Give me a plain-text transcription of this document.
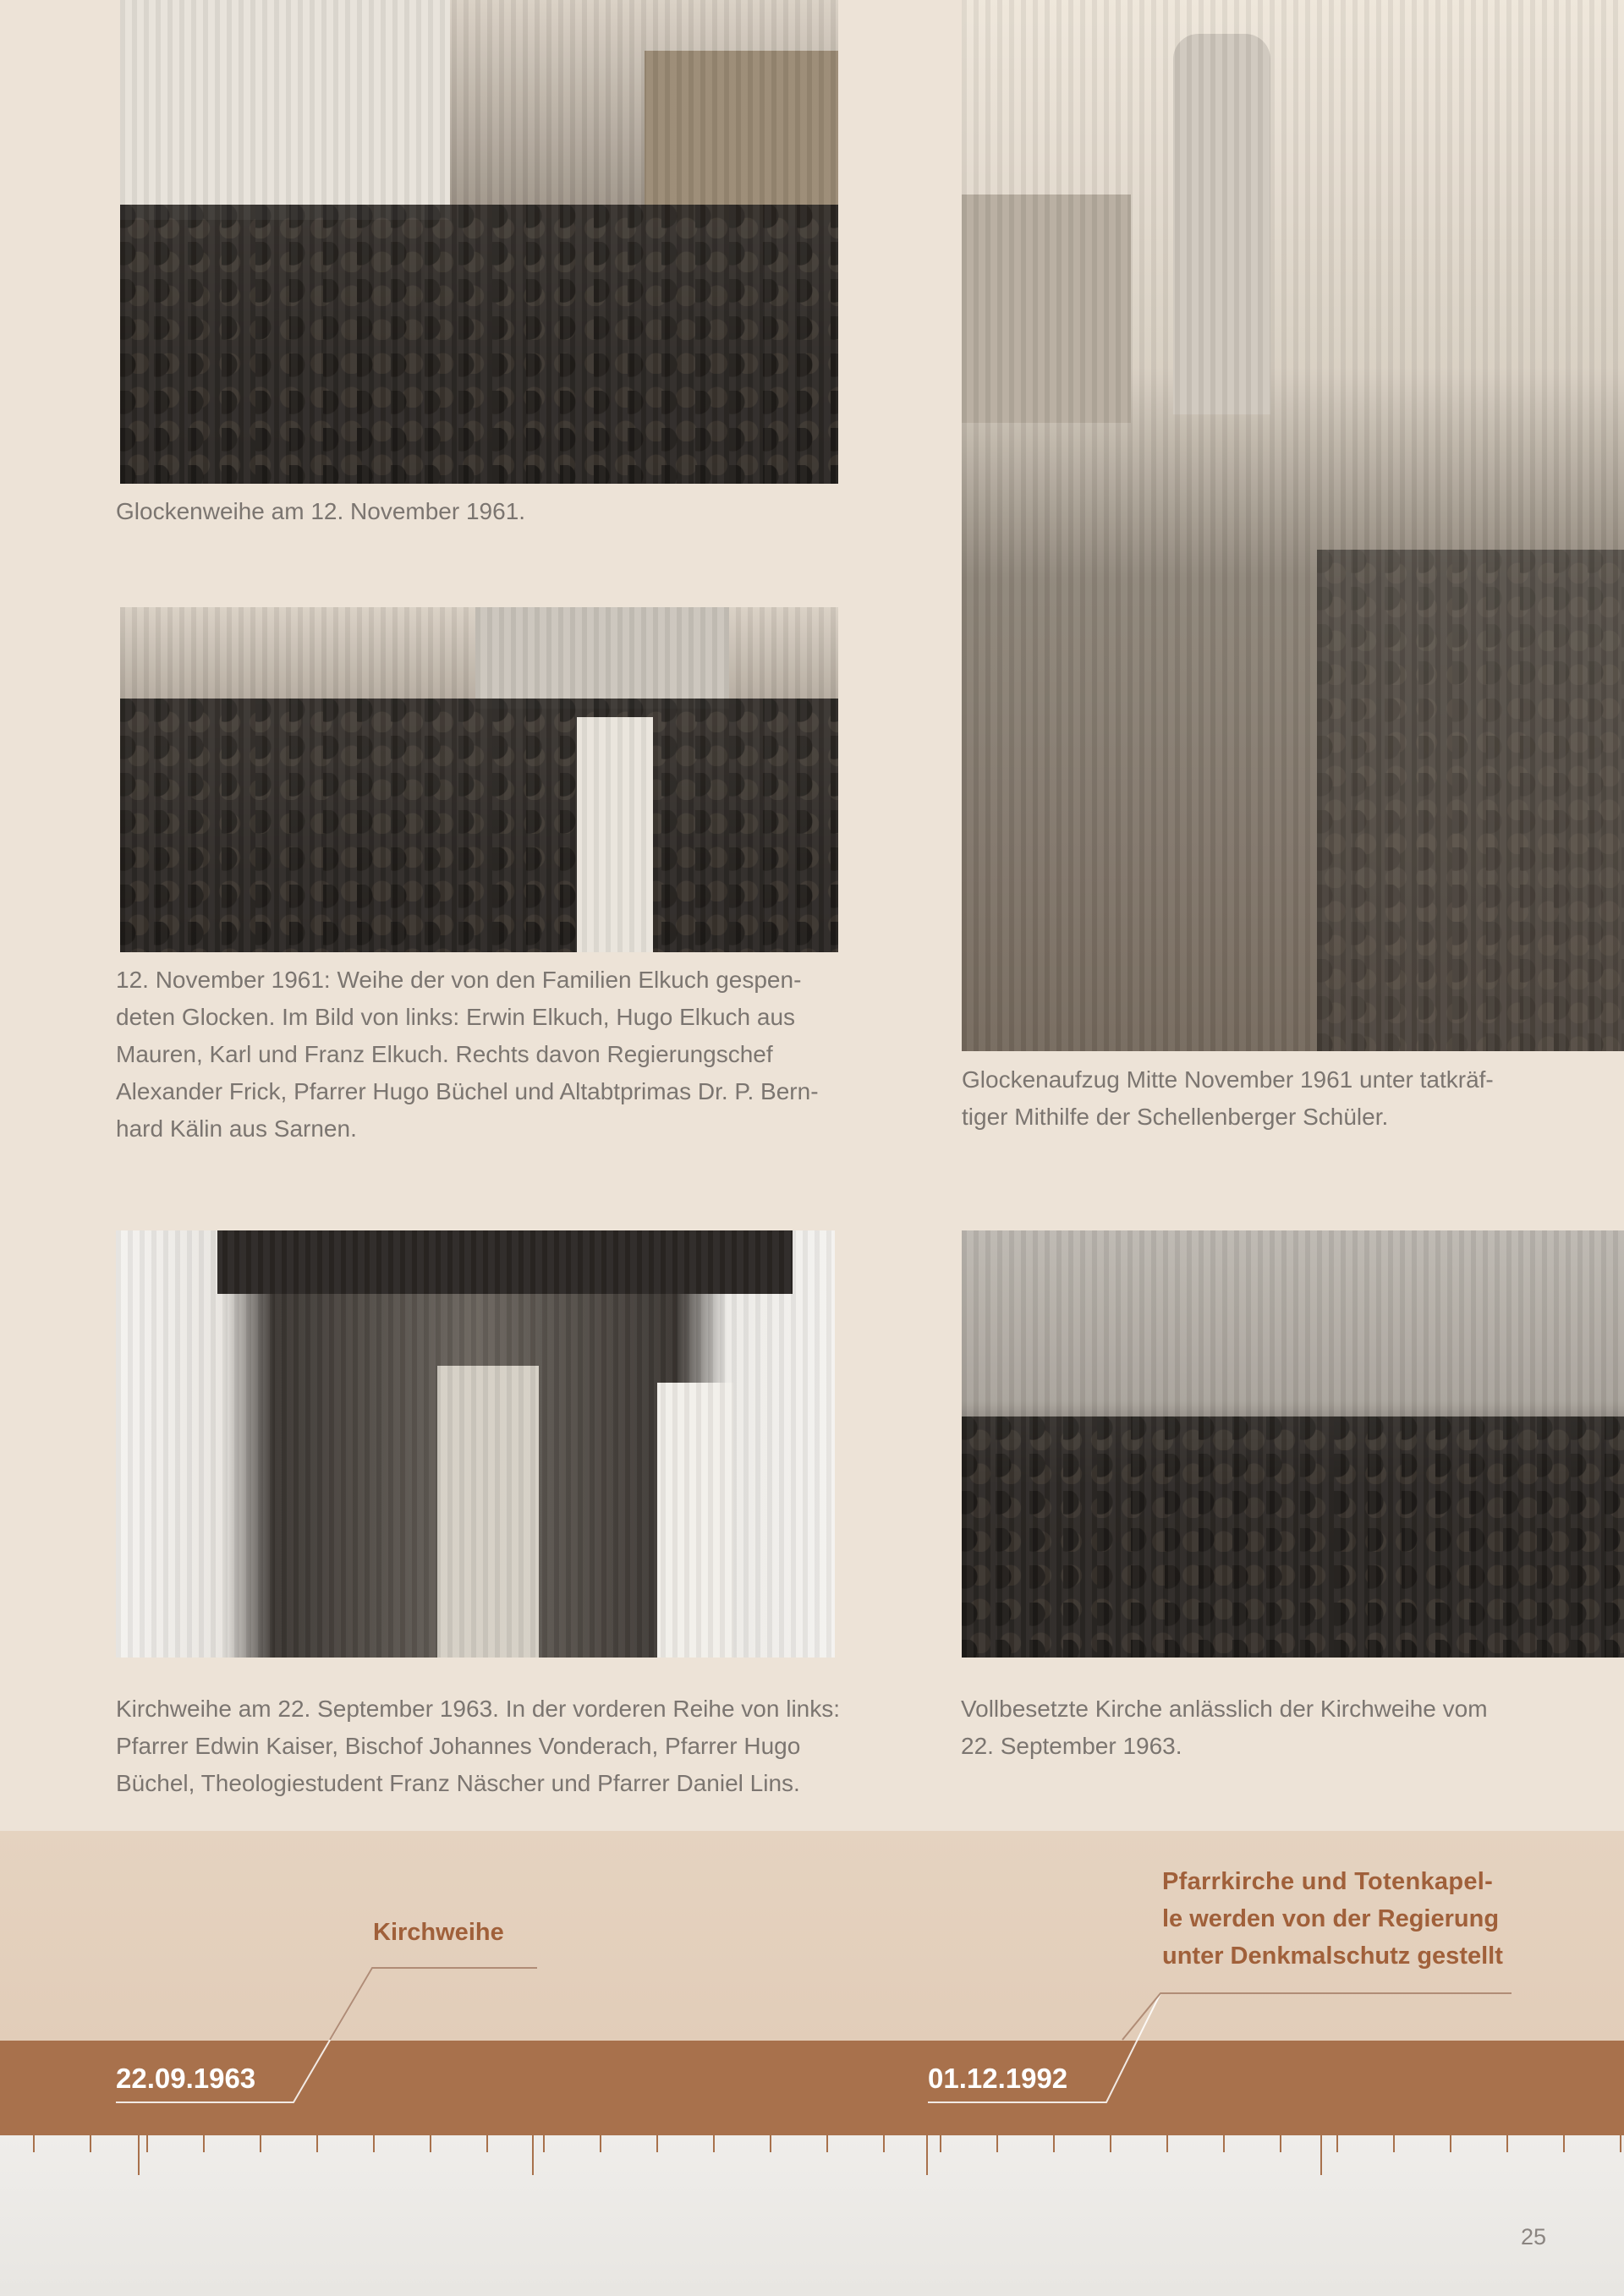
Glockenweihe am 12. November 1961.

12. November 1961: Weihe der von den Familien Elkuch gespen-
deten Glocken. Im Bild von links: Erwin Elkuch, Hugo Elkuch aus
Mauren, Karl und Franz Elkuch. Rechts davon Regierungschef
Alexander Frick, Pfarrer Hugo Büchel und Altabtprimas Dr. P. Bern-
hard Kälin aus Sarnen.

Glockenaufzug Mitte November 1961 unter tatkräf-
tiger Mithilfe der Schellenberger Schüler.

Kirchweihe am 22. September 1963. In der vorderen Reihe von links:
Pfarrer Edwin Kaiser, Bischof Johannes Vonderach, Pfarrer Hugo
Büchel, Theologiestudent Franz Näscher und Pfarrer Daniel Lins.

Vollbesetzte Kirche anlässlich der Kirchweihe vom
22. September 1963.

Kirchweihe
Pfarrkirche und Totenkapel-
le werden von der Regierung
unter Denkmalschutz gestellt
22.09.1963	01.12.1992
25
